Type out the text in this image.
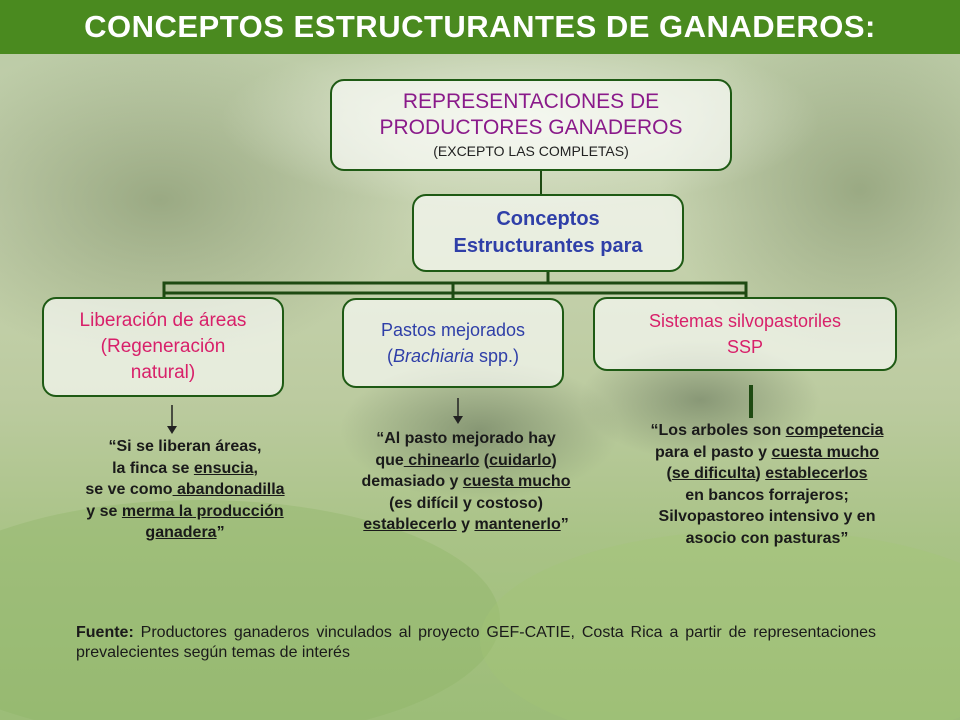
CONCEPTOS ESTRUCTURANTES DE GANADEROS:
REPRESENTACIONES DE
PRODUCTORES GANADEROS
(EXCEPTO LAS COMPLETAS)
Conceptos
Estructurantes para
Liberación de áreas
(Regeneración
natural)
Pastos mejorados
(Brachiaria spp.)
Sistemas silvopastoriles
SSP
“Si se liberan áreas,
la finca se ensucia,
se ve como abandonadilla
y se merma la producción
ganadera”
“Al pasto mejorado hay
que chinearlo (cuidarlo)
demasiado y cuesta mucho
(es difícil y costoso)
establecerlo y mantenerlo”
“Los arboles son competencia
para el pasto y cuesta mucho
(se dificulta) establecerlos
en bancos forrajeros;
Silvopastoreo intensivo y en
asocio con pasturas”
Fuente: Productores ganaderos vinculados al proyecto GEF-CATIE, Costa Rica a partir de representaciones prevalecientes según temas de interés
